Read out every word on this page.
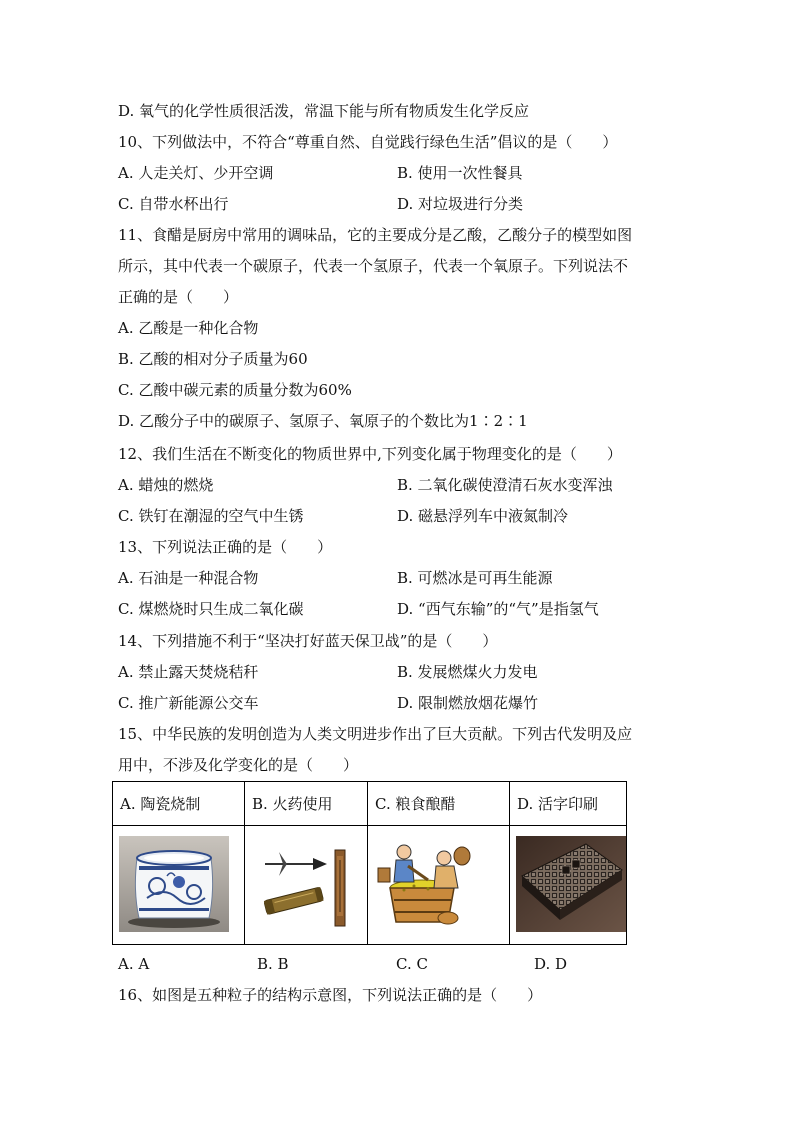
D. 氧气的化学性质很活泼，常温下能与所有物质发生化学反应
10、下列做法中，不符合“尊重自然、自觉践行绿色生活”倡议的是（　　）
A. 人走关灯、少开空调	B. 使用一次性餐具
C. 自带水杯出行	D. 对垃圾进行分类
11、食醋是厨房中常用的调味品，它的主要成分是乙酸，乙酸分子的模型如图
所示，其中代表一个碳原子，代表一个氢原子，代表一个氧原子。下列说法不
正确的是（　　）
A. 乙酸是一种化合物
B. 乙酸的相对分子质量为60
C. 乙酸中碳元素的质量分数为60%
D. 乙酸分子中的碳原子、氢原子、氧原子的个数比为1∶2∶1
12、我们生活在不断变化的物质世界中,下列变化属于物理变化的是（　　）
A. 蜡烛的燃烧	B. 二氧化碳使澄清石灰水变浑浊
C. 铁钉在潮湿的空气中生锈	D. 磁悬浮列车中液氮制冷
13、下列说法正确的是（　　）
A. 石油是一种混合物	B. 可燃冰是可再生能源
C. 煤燃烧时只生成二氧化碳	D. “西气东输”的“气”是指氢气
14、下列措施不利于“坚决打好蓝天保卫战”的是（　　）
A. 禁止露天焚烧秸秆	B. 发展燃煤火力发电
C. 推广新能源公交车	D. 限制燃放烟花爆竹
15、中华民族的发明创造为人类文明进步作出了巨大贡献。下列古代发明及应
用中，不涉及化学变化的是（　　）
A. 陶瓷烧制	B. 火药使用	C. 粮食酿醋	D. 活字印刷
A. A	B. B	C. C	D. D
16、如图是五种粒子的结构示意图，下列说法正确的是（　　）
